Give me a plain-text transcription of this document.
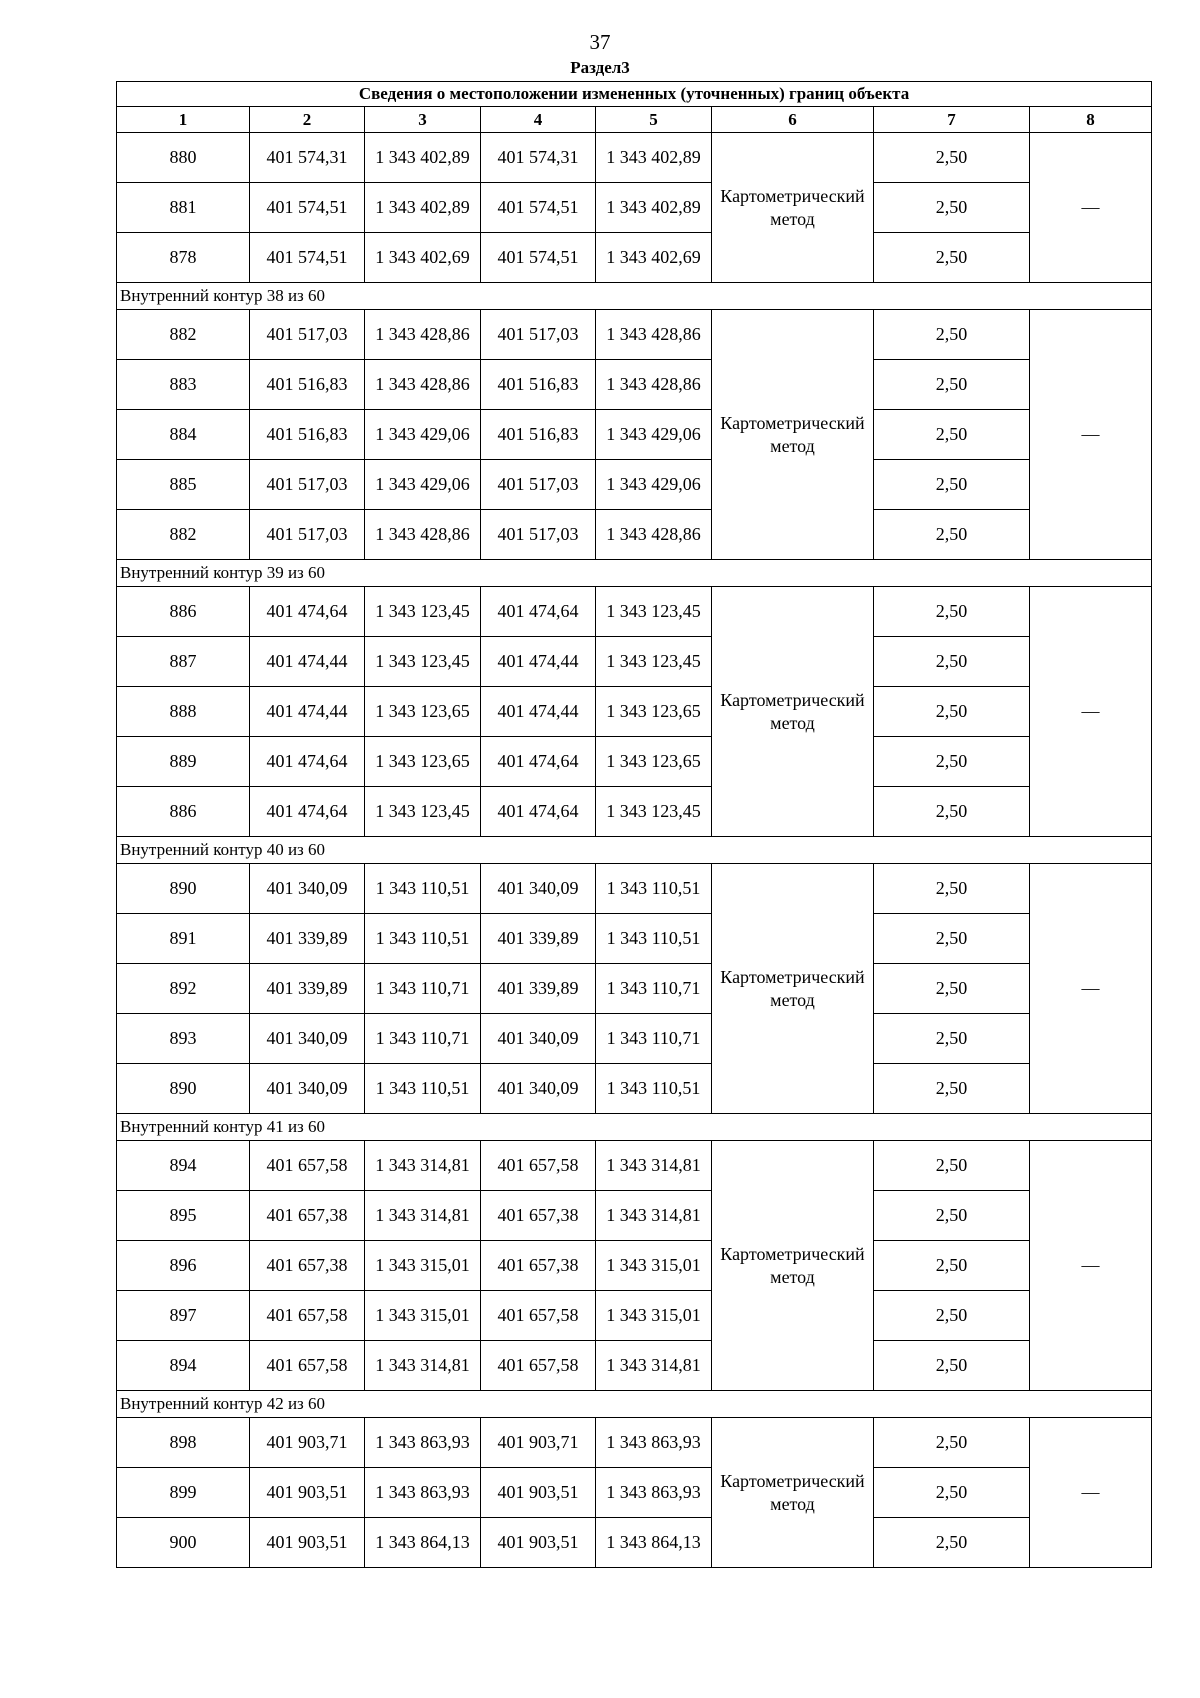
37
Раздел3
Сведения о местоположении измененных (уточненных) границ объекта							
1	2	3	4	5	6	7	8
880	401 574,31	1 343 402,89	401 574,31	1 343 402,89	Картометрический метод	2,50	—
881	401 574,51	1 343 402,89	401 574,51	1 343 402,89		2,50	
878	401 574,51	1 343 402,69	401 574,51	1 343 402,69		2,50	
Внутренний контур 38 из 60							
882	401 517,03	1 343 428,86	401 517,03	1 343 428,86	Картометрический метод	2,50	—
883	401 516,83	1 343 428,86	401 516,83	1 343 428,86		2,50	
884	401 516,83	1 343 429,06	401 516,83	1 343 429,06		2,50	
885	401 517,03	1 343 429,06	401 517,03	1 343 429,06		2,50	
882	401 517,03	1 343 428,86	401 517,03	1 343 428,86		2,50	
Внутренний контур 39 из 60							
886	401 474,64	1 343 123,45	401 474,64	1 343 123,45	Картометрический метод	2,50	—
887	401 474,44	1 343 123,45	401 474,44	1 343 123,45		2,50	
888	401 474,44	1 343 123,65	401 474,44	1 343 123,65		2,50	
889	401 474,64	1 343 123,65	401 474,64	1 343 123,65		2,50	
886	401 474,64	1 343 123,45	401 474,64	1 343 123,45		2,50	
Внутренний контур 40 из 60							
890	401 340,09	1 343 110,51	401 340,09	1 343 110,51	Картометрический метод	2,50	—
891	401 339,89	1 343 110,51	401 339,89	1 343 110,51		2,50	
892	401 339,89	1 343 110,71	401 339,89	1 343 110,71		2,50	
893	401 340,09	1 343 110,71	401 340,09	1 343 110,71		2,50	
890	401 340,09	1 343 110,51	401 340,09	1 343 110,51		2,50	
Внутренний контур 41 из 60							
894	401 657,58	1 343 314,81	401 657,58	1 343 314,81	Картометрический метод	2,50	—
895	401 657,38	1 343 314,81	401 657,38	1 343 314,81		2,50	
896	401 657,38	1 343 315,01	401 657,38	1 343 315,01		2,50	
897	401 657,58	1 343 315,01	401 657,58	1 343 315,01		2,50	
894	401 657,58	1 343 314,81	401 657,58	1 343 314,81		2,50	
Внутренний контур 42 из 60							
898	401 903,71	1 343 863,93	401 903,71	1 343 863,93	Картометрический метод	2,50	—
899	401 903,51	1 343 863,93	401 903,51	1 343 863,93		2,50	
900	401 903,51	1 343 864,13	401 903,51	1 343 864,13		2,50	
